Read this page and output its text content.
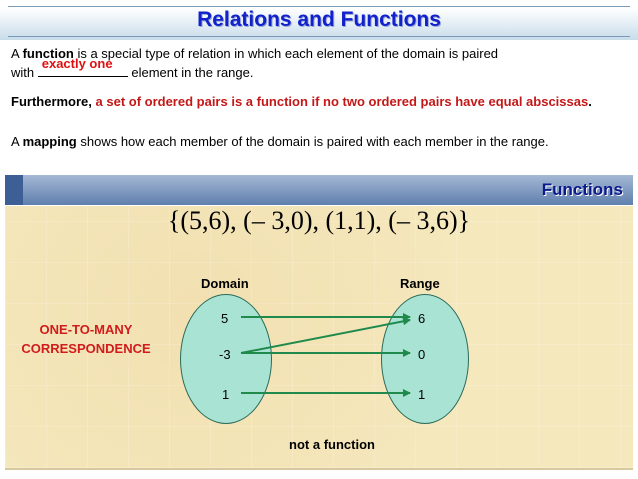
Relations and Functions
A function is a special type of relation in which each element of the domain is paired
with
exactly one
element in the range.
Furthermore, a set of ordered pairs is a function if no two ordered pairs have equal abscissas.
A mapping shows how each member of the domain is paired with each member in the range.
Functions
{(5,6), (– 3,0), (1,1), (– 3,6)}
Domain	Range
5
-3
1
6
0
1
ONE-TO-MANY
CORRESPONDENCE
not a function
